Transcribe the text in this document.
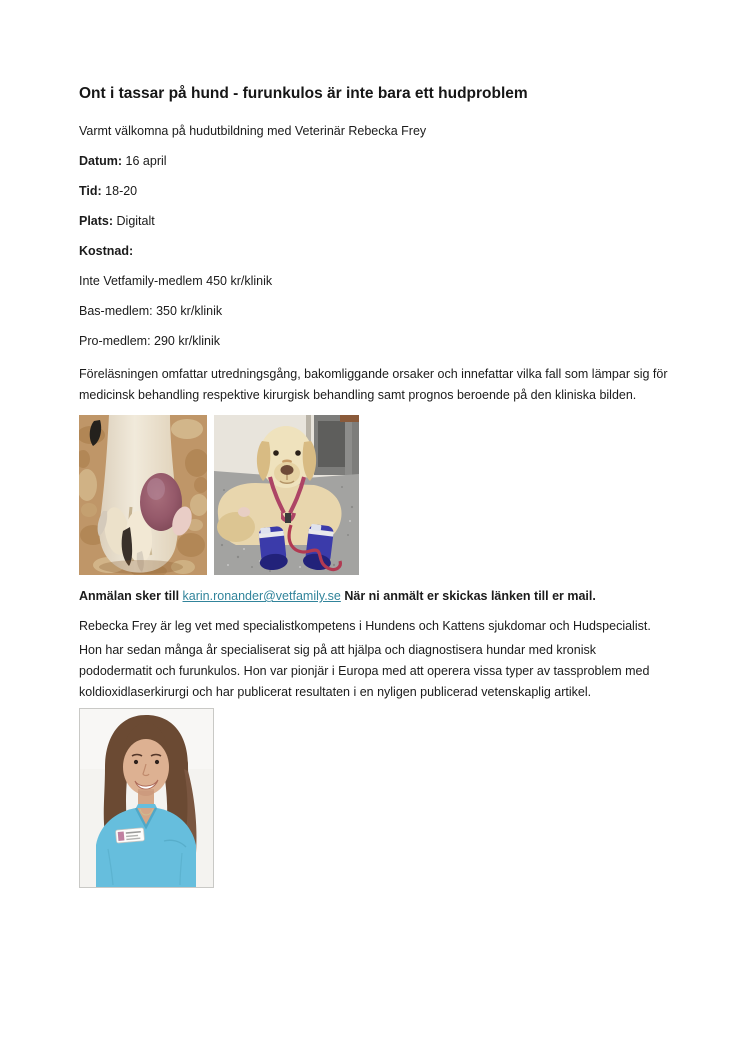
Ont i tassar på hund - furunkulos är inte bara ett hudproblem

Varmt välkomna på hudutbildning med Veterinär Rebecka Frey

Datum: 16 april

Tid: 18-20

Plats: Digitalt

Kostnad:

Inte Vetfamily-medlem 450 kr/klinik

Bas-medlem: 350 kr/klinik

Pro-medlem: 290 kr/klinik

Föreläsningen omfattar utredningsgång, bakomliggande orsaker och innefattar vilka fall som lämpar sig för medicinsk behandling respektive kirurgisk behandling samt prognos beroende på den kliniska bilden.

Anmälan sker till karin.ronander@vetfamily.se När ni anmält er skickas länken till er mail.

Rebecka Frey är leg vet med specialistkompetens i Hundens och Kattens sjukdomar och Hudspecialist.

Hon har sedan många år specialiserat sig på att hjälpa och diagnostisera hundar med kronisk pododermatit och furunkulos. Hon var pionjär i Europa med att operera vissa typer av tassproblem med koldioxidlaserkirurgi och har publicerat resultaten i en nyligen publicerad vetenskaplig artikel.
